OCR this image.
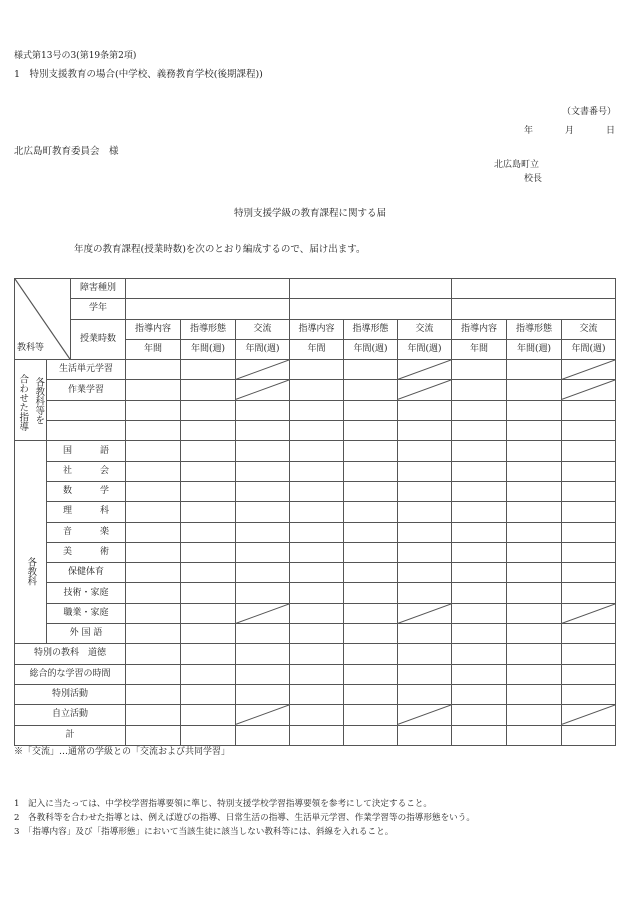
様式第13号の3(第19条第2項)
1　特別支援教育の場合(中学校、義務教育学校(後期課程))
（文書番号）
年	月	日
北広島町教育委員会　様
北広島町立
校長
特別支援学級の教育課程に関する届
年度の教育課程(授業時数)を次のとおり編成するので、届け出ます。
教科等		障害種別									
		学年									
		授業時数	指導内容	指導形態	交流	指導内容	指導形態	交流	指導内容	指導形態	交流
			年間	年間(週)	年間(週)	年間	年間(週)	年間(週)	年間	年間(週)	年間(週)

各教科等を
合わせた指導	生活単元学習			

	作業学習			

各教科	国 語										

	社 会										

	数 学										

	理 科										

	音 楽										

	美 術										

	保健体育										
	技術・家庭										
	職業・家庭			

	外 国 語										
特別の教科　道徳											
総合的な学習の時間											
特別活動											
自立活動			

計											
※「交流」…通常の学級との「交流および共同学習」
1　記入に当たっては、中学校学習指導要領に準じ、特別支援学校学習指導要領を参考にして決定すること。
2　各教科等を合わせた指導とは、例えば遊びの指導、日常生活の指導、生活単元学習、作業学習等の指導形態をいう。
3　「指導内容」及び「指導形態」において当該生徒に該当しない教科等には、斜線を入れること。
